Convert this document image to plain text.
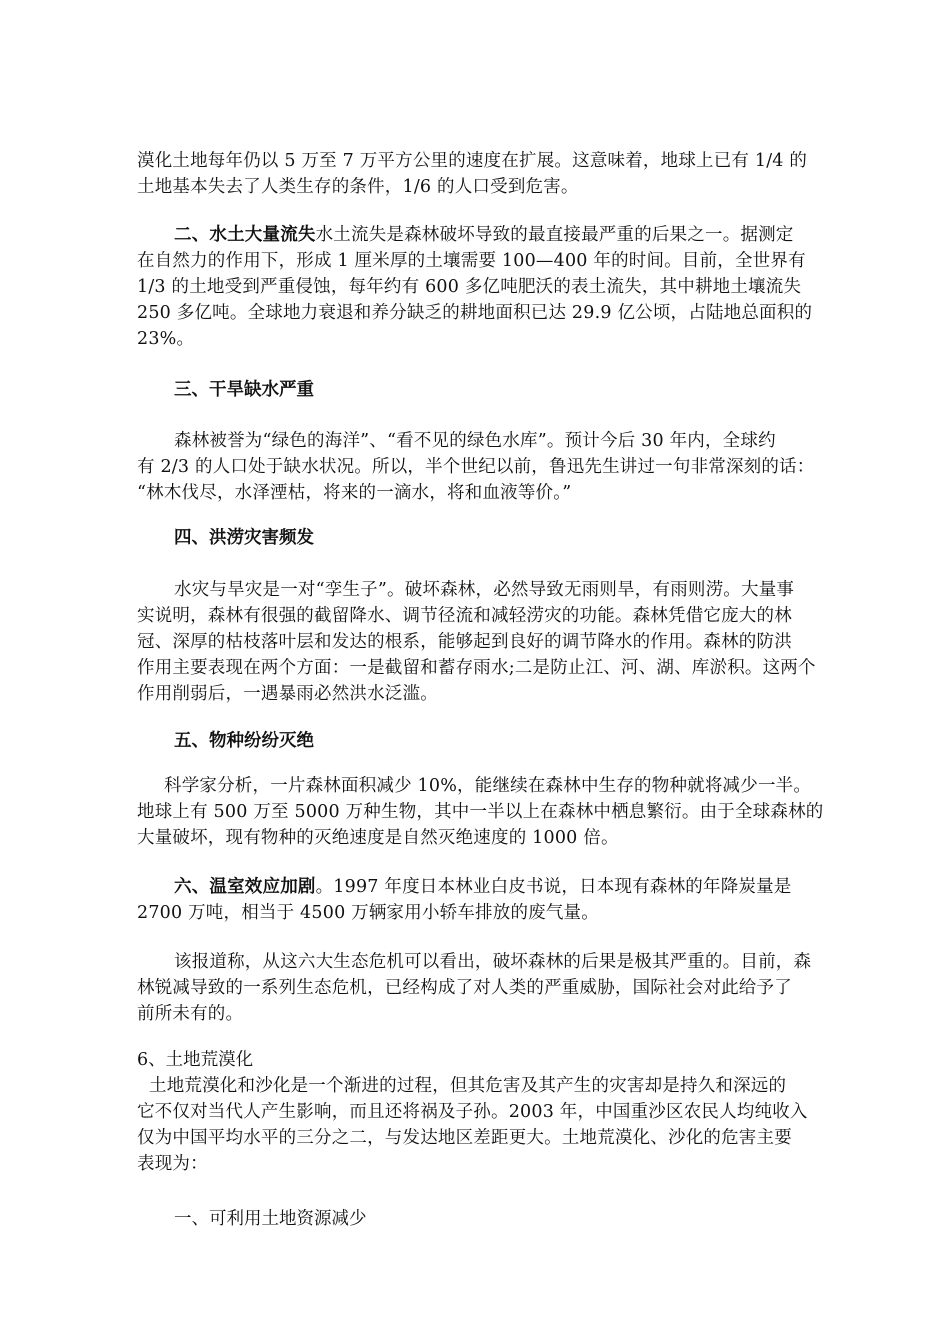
漠化土地每年仍以 5 万至 7 万平方公里的速度在扩展。这意味着，地球上已有 1/4 的
土地基本失去了人类生存的条件，1/6 的人口受到危害。

二、水土大量流失水土流失是森林破坏导致的最直接最严重的后果之一。据测定
在自然力的作用下，形成 1 厘米厚的土壤需要 100—400 年的时间。目前，全世界有
1/3 的土地受到严重侵蚀，每年约有 600 多亿吨肥沃的表土流失，其中耕地土壤流失
250 多亿吨。全球地力衰退和养分缺乏的耕地面积已达 29.9 亿公顷，占陆地总面积的
23%。

三、干旱缺水严重

森林被誉为“绿色的海洋”、“看不见的绿色水库”。预计今后 30 年内，全球约
有 2/3 的人口处于缺水状况。所以，半个世纪以前，鲁迅先生讲过一句非常深刻的话：
“林木伐尽，水泽湮枯，将来的一滴水，将和血液等价。”

四、洪涝灾害频发

水灾与旱灾是一对“孪生子”。破坏森林，必然导致无雨则旱，有雨则涝。大量事
实说明，森林有很强的截留降水、调节径流和减轻涝灾的功能。森林凭借它庞大的林
冠、深厚的枯枝落叶层和发达的根系，能够起到良好的调节降水的作用。森林的防洪
作用主要表现在两个方面：一是截留和蓄存雨水;二是防止江、河、湖、库淤积。这两个
作用削弱后，一遇暴雨必然洪水泛滥。

五、物种纷纷灭绝

科学家分析，一片森林面积减少 10%，能继续在森林中生存的物种就将减少一半。
地球上有 500 万至 5000 万种生物，其中一半以上在森林中栖息繁衍。由于全球森林的
大量破坏，现有物种的灭绝速度是自然灭绝速度的 1000 倍。

六、温室效应加剧。1997 年度日本林业白皮书说，日本现有森林的年降炭量是
2700 万吨，相当于 4500 万辆家用小轿车排放的废气量。

该报道称，从这六大生态危机可以看出，破坏森林的后果是极其严重的。目前，森
林锐减导致的一系列生态危机，已经构成了对人类的严重威胁，国际社会对此给予了
前所未有的。

6、土地荒漠化

土地荒漠化和沙化是一个渐进的过程，但其危害及其产生的灾害却是持久和深远的
它不仅对当代人产生影响，而且还将祸及子孙。2003 年，中国重沙区农民人均纯收入
仅为中国平均水平的三分之二，与发达地区差距更大。土地荒漠化、沙化的危害主要
表现为：

一、可利用土地资源减少
